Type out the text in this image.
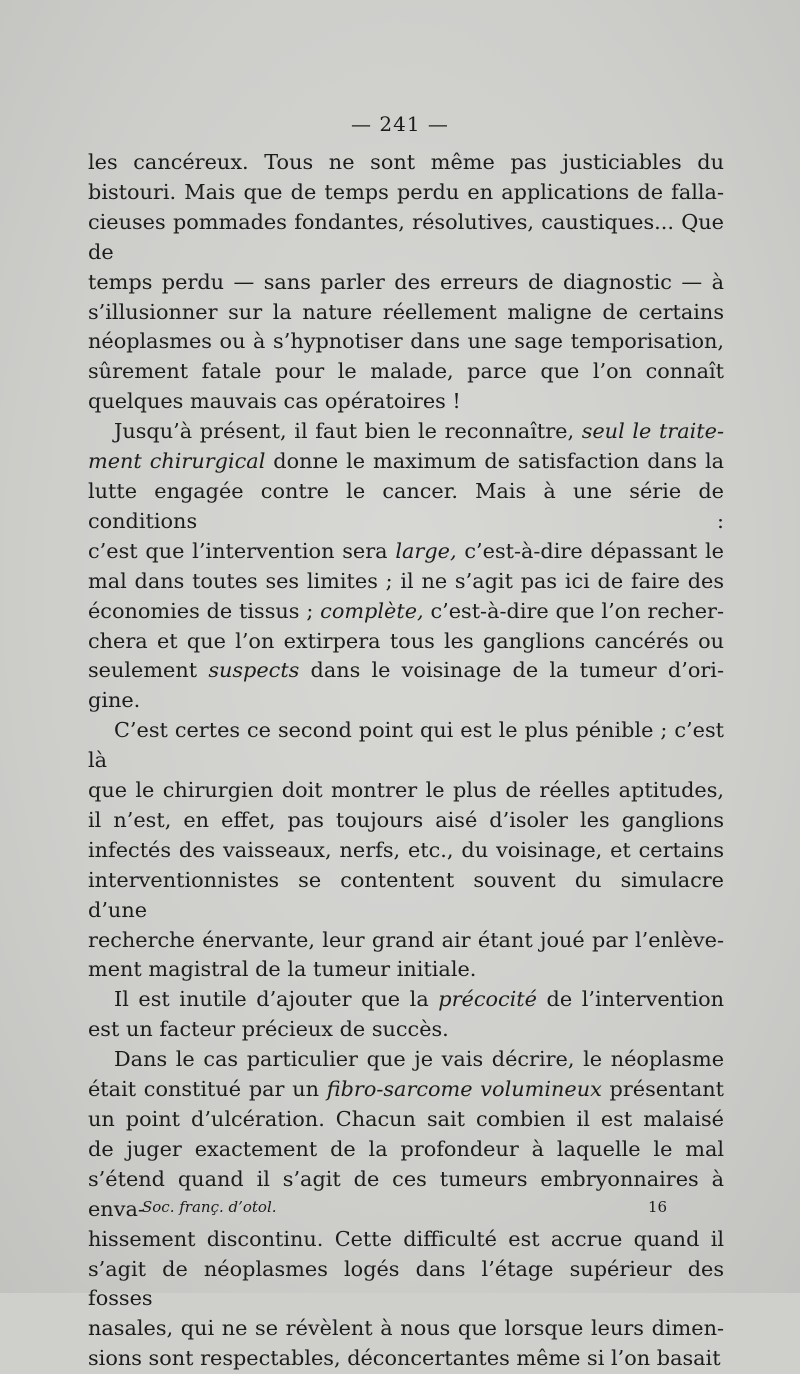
— 241 —
les cancéreux. Tous ne sont même pas justiciables du
bistouri. Mais que de temps perdu en applications de falla-
cieuses pommades fondantes, résolutives, caustiques... Que de
temps perdu — sans parler des erreurs de diagnostic — à
s’illusionner sur la nature réellement maligne de certains
néoplasmes ou à s’hypnotiser dans une sage temporisation,
sûrement fatale pour le malade, parce que l’on connaît
quelques mauvais cas opératoires !
Jusqu’à présent, il faut bien le reconnaître, seul le traite-
ment chirurgical donne le maximum de satisfaction dans la
lutte engagée contre le cancer. Mais à une série de conditions :
c’est que l’intervention sera large, c’est-à-dire dépassant le
mal dans toutes ses limites ; il ne s’agit pas ici de faire des
économies de tissus ; complète, c’est-à-dire que l’on recher-
chera et que l’on extirpera tous les ganglions cancérés ou
seulement suspects dans le voisinage de la tumeur d’ori-
gine.
C’est certes ce second point qui est le plus pénible ; c’est là
que le chirurgien doit montrer le plus de réelles aptitudes,
il n’est, en effet, pas toujours aisé d’isoler les ganglions
infectés des vaisseaux, nerfs, etc., du voisinage, et certains
interventionnistes se contentent souvent du simulacre d’une
recherche énervante, leur grand air étant joué par l’enlève-
ment magistral de la tumeur initiale.
Il est inutile d’ajouter que la précocité de l’intervention
est un facteur précieux de succès.
Dans le cas particulier que je vais décrire, le néoplasme
était constitué par un fibro-sarcome volumineux présentant
un point d’ulcération. Chacun sait combien il est malaisé
de juger exactement de la profondeur à laquelle le mal
s’étend quand il s’agit de ces tumeurs embryonnaires à enva-
hissement discontinu. Cette difficulté est accrue quand il
s’agit de néoplasmes logés dans l’étage supérieur des fosses
nasales, qui ne se révèlent à nous que lorsque leurs dimen-
sions sont respectables, déconcertantes même si l’on basait
Soc. franç. d’otol.	16
